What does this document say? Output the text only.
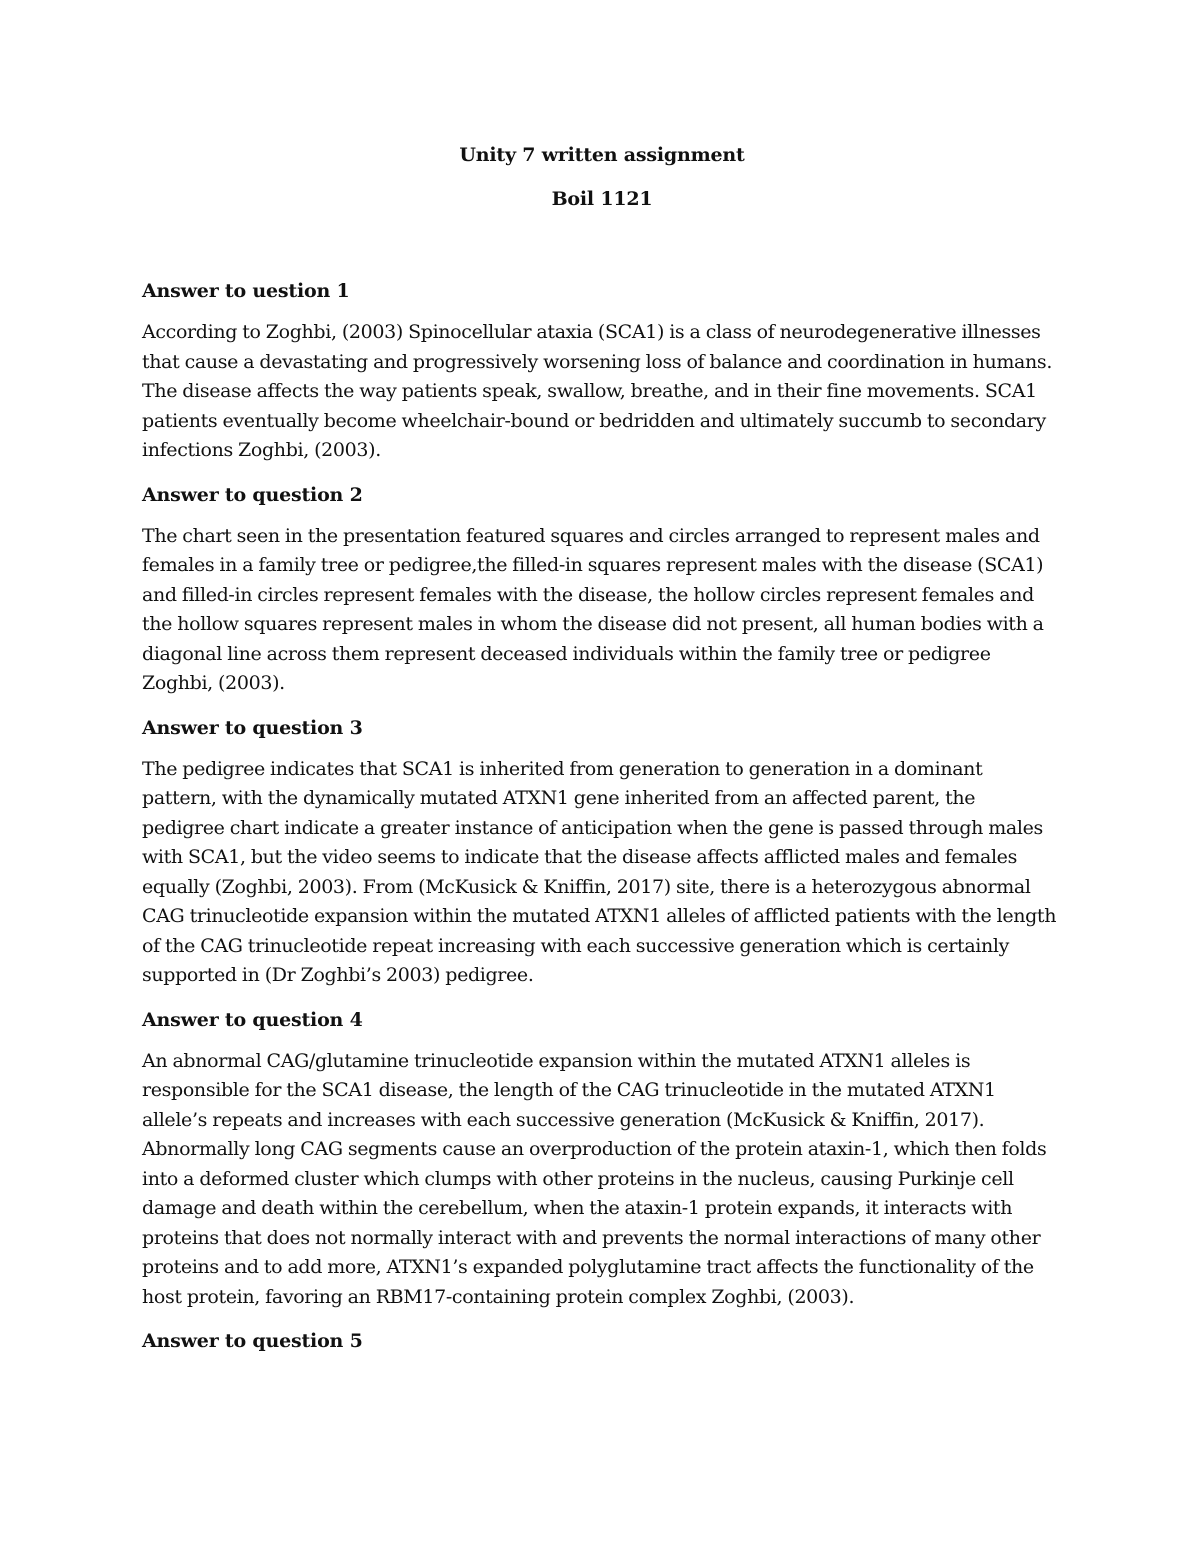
Unity 7 written assignment
Boil 1121
Answer to uestion 1
According to Zoghbi, (2003) Spinocellular ataxia (SCA1) is a class of neurodegenerative illnesses that cause a devastating and progressively worsening loss of balance and coordination in humans. The disease affects the way patients speak, swallow, breathe, and in their fine movements. SCA1 patients eventually become wheelchair-bound or bedridden and ultimately succumb to secondary infections Zoghbi, (2003).
Answer to question 2
The chart seen in the presentation featured squares and circles arranged to represent males and females in a family tree or pedigree,the filled-in squares represent males with the disease (SCA1) and filled-in circles represent females with the disease, the hollow circles represent females and the hollow squares represent males in whom the disease did not present, all human bodies with a diagonal line across them represent deceased individuals within the family tree or pedigree Zoghbi, (2003).
Answer to question 3
The pedigree indicates that SCA1 is inherited from generation to generation in a dominant pattern, with the dynamically mutated ATXN1 gene inherited from an affected parent, the pedigree chart indicate a greater instance of anticipation when the gene is passed through males with SCA1, but the video seems to indicate that the disease affects afflicted males and females equally (Zoghbi, 2003). From (McKusick & Kniffin, 2017) site, there is a heterozygous abnormal CAG trinucleotide expansion within the mutated ATXN1 alleles of afflicted patients with the length of the CAG trinucleotide repeat increasing with each successive generation which is certainly supported in (Dr Zoghbi’s 2003) pedigree.
Answer to question 4
An abnormal CAG/glutamine trinucleotide expansion within the mutated ATXN1 alleles is responsible for the SCA1 disease, the length of the CAG trinucleotide in the mutated ATXN1 allele’s repeats and increases with each successive generation (McKusick & Kniffin, 2017). Abnormally long CAG segments cause an overproduction of the protein ataxin-1, which then folds into a deformed cluster which clumps with other proteins in the nucleus, causing Purkinje cell damage and death within the cerebellum, when the ataxin-1 protein expands, it interacts with proteins that does not normally interact with and prevents the normal interactions of many other proteins and to add more, ATXN1’s expanded polyglutamine tract affects the functionality of the host protein, favoring an RBM17-containing protein complex Zoghbi, (2003).
Answer to question 5
